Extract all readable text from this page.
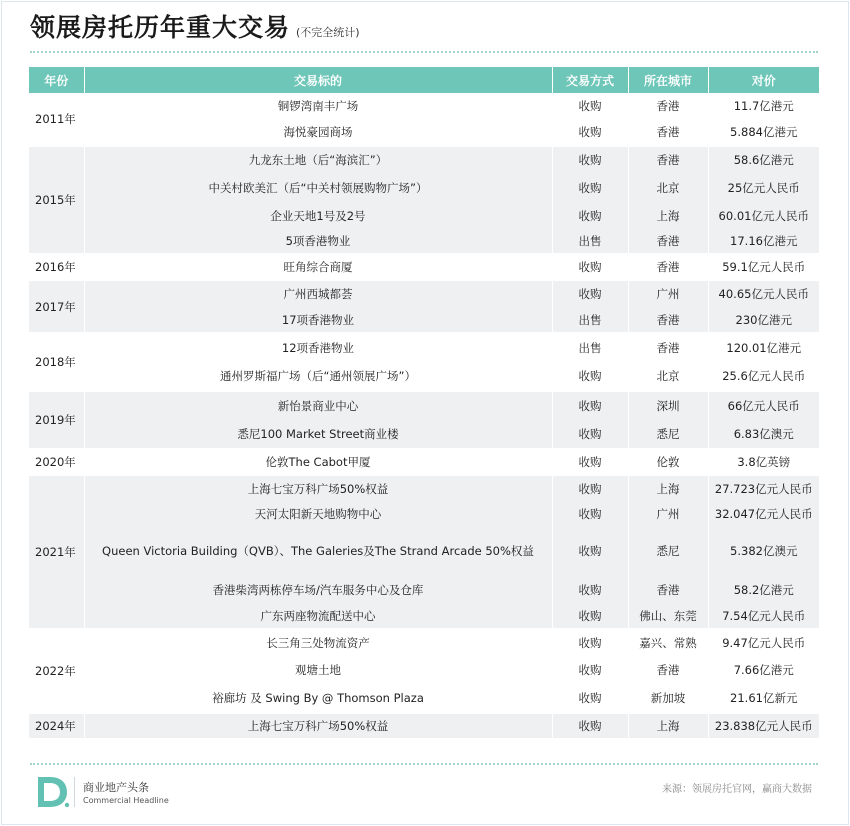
领展房托历年重大交易 (不完全统计)
年份	交易标的	交易方式	所在城市	对价
2011年	铜锣湾南丰广场	收购	香港	11.7亿港元
	海悦豪园商场	收购	香港	5.884亿港元
2015年	九龙东土地（后“海滨汇”）	收购	香港	58.6亿港元
	中关村欧美汇（后“中关村领展购物广场”）	收购	北京	25亿元人民币
	企业天地1号及2号	收购	上海	60.01亿元人民币
	5项香港物业	出售	香港	17.16亿港元
2016年	旺角综合商厦	收购	香港	59.1亿元人民币
2017年	广州西城都荟	收购	广州	40.65亿元人民币
	17项香港物业	出售	香港	230亿港元
2018年	12项香港物业	出售	香港	120.01亿港元
	通州罗斯福广场（后“通州领展广场”）	收购	北京	25.6亿元人民币
2019年	新怡景商业中心	收购	深圳	66亿元人民币
	悉尼100 Market Street商业楼	收购	悉尼	6.83亿澳元
2020年	伦敦The Cabot甲厦	收购	伦敦	3.8亿英镑
2021年	上海七宝万科广场50%权益	收购	上海	27.723亿元人民币
	天河太阳新天地购物中心	收购	广州	32.047亿元人民币
	Queen Victoria Building（QVB）、The Galeries及The Strand Arcade 50%权益	收购	悉尼	5.382亿澳元
	香港柴湾两栋停车场/汽车服务中心及仓库	收购	香港	58.2亿港元
	广东两座物流配送中心	收购	佛山、东莞	7.54亿元人民币
2022年	长三角三处物流资产	收购	嘉兴、常熟	9.47亿元人民币
	观塘土地	收购	香港	7.66亿港元
	裕廊坊 及 Swing By @ Thomson Plaza	收购	新加坡	21.61亿新元
2024年	上海七宝万科广场50%权益	收购	上海	23.838亿元人民币
商业地产头条
Commercial Headline
来源：领展房托官网，赢商大数据
